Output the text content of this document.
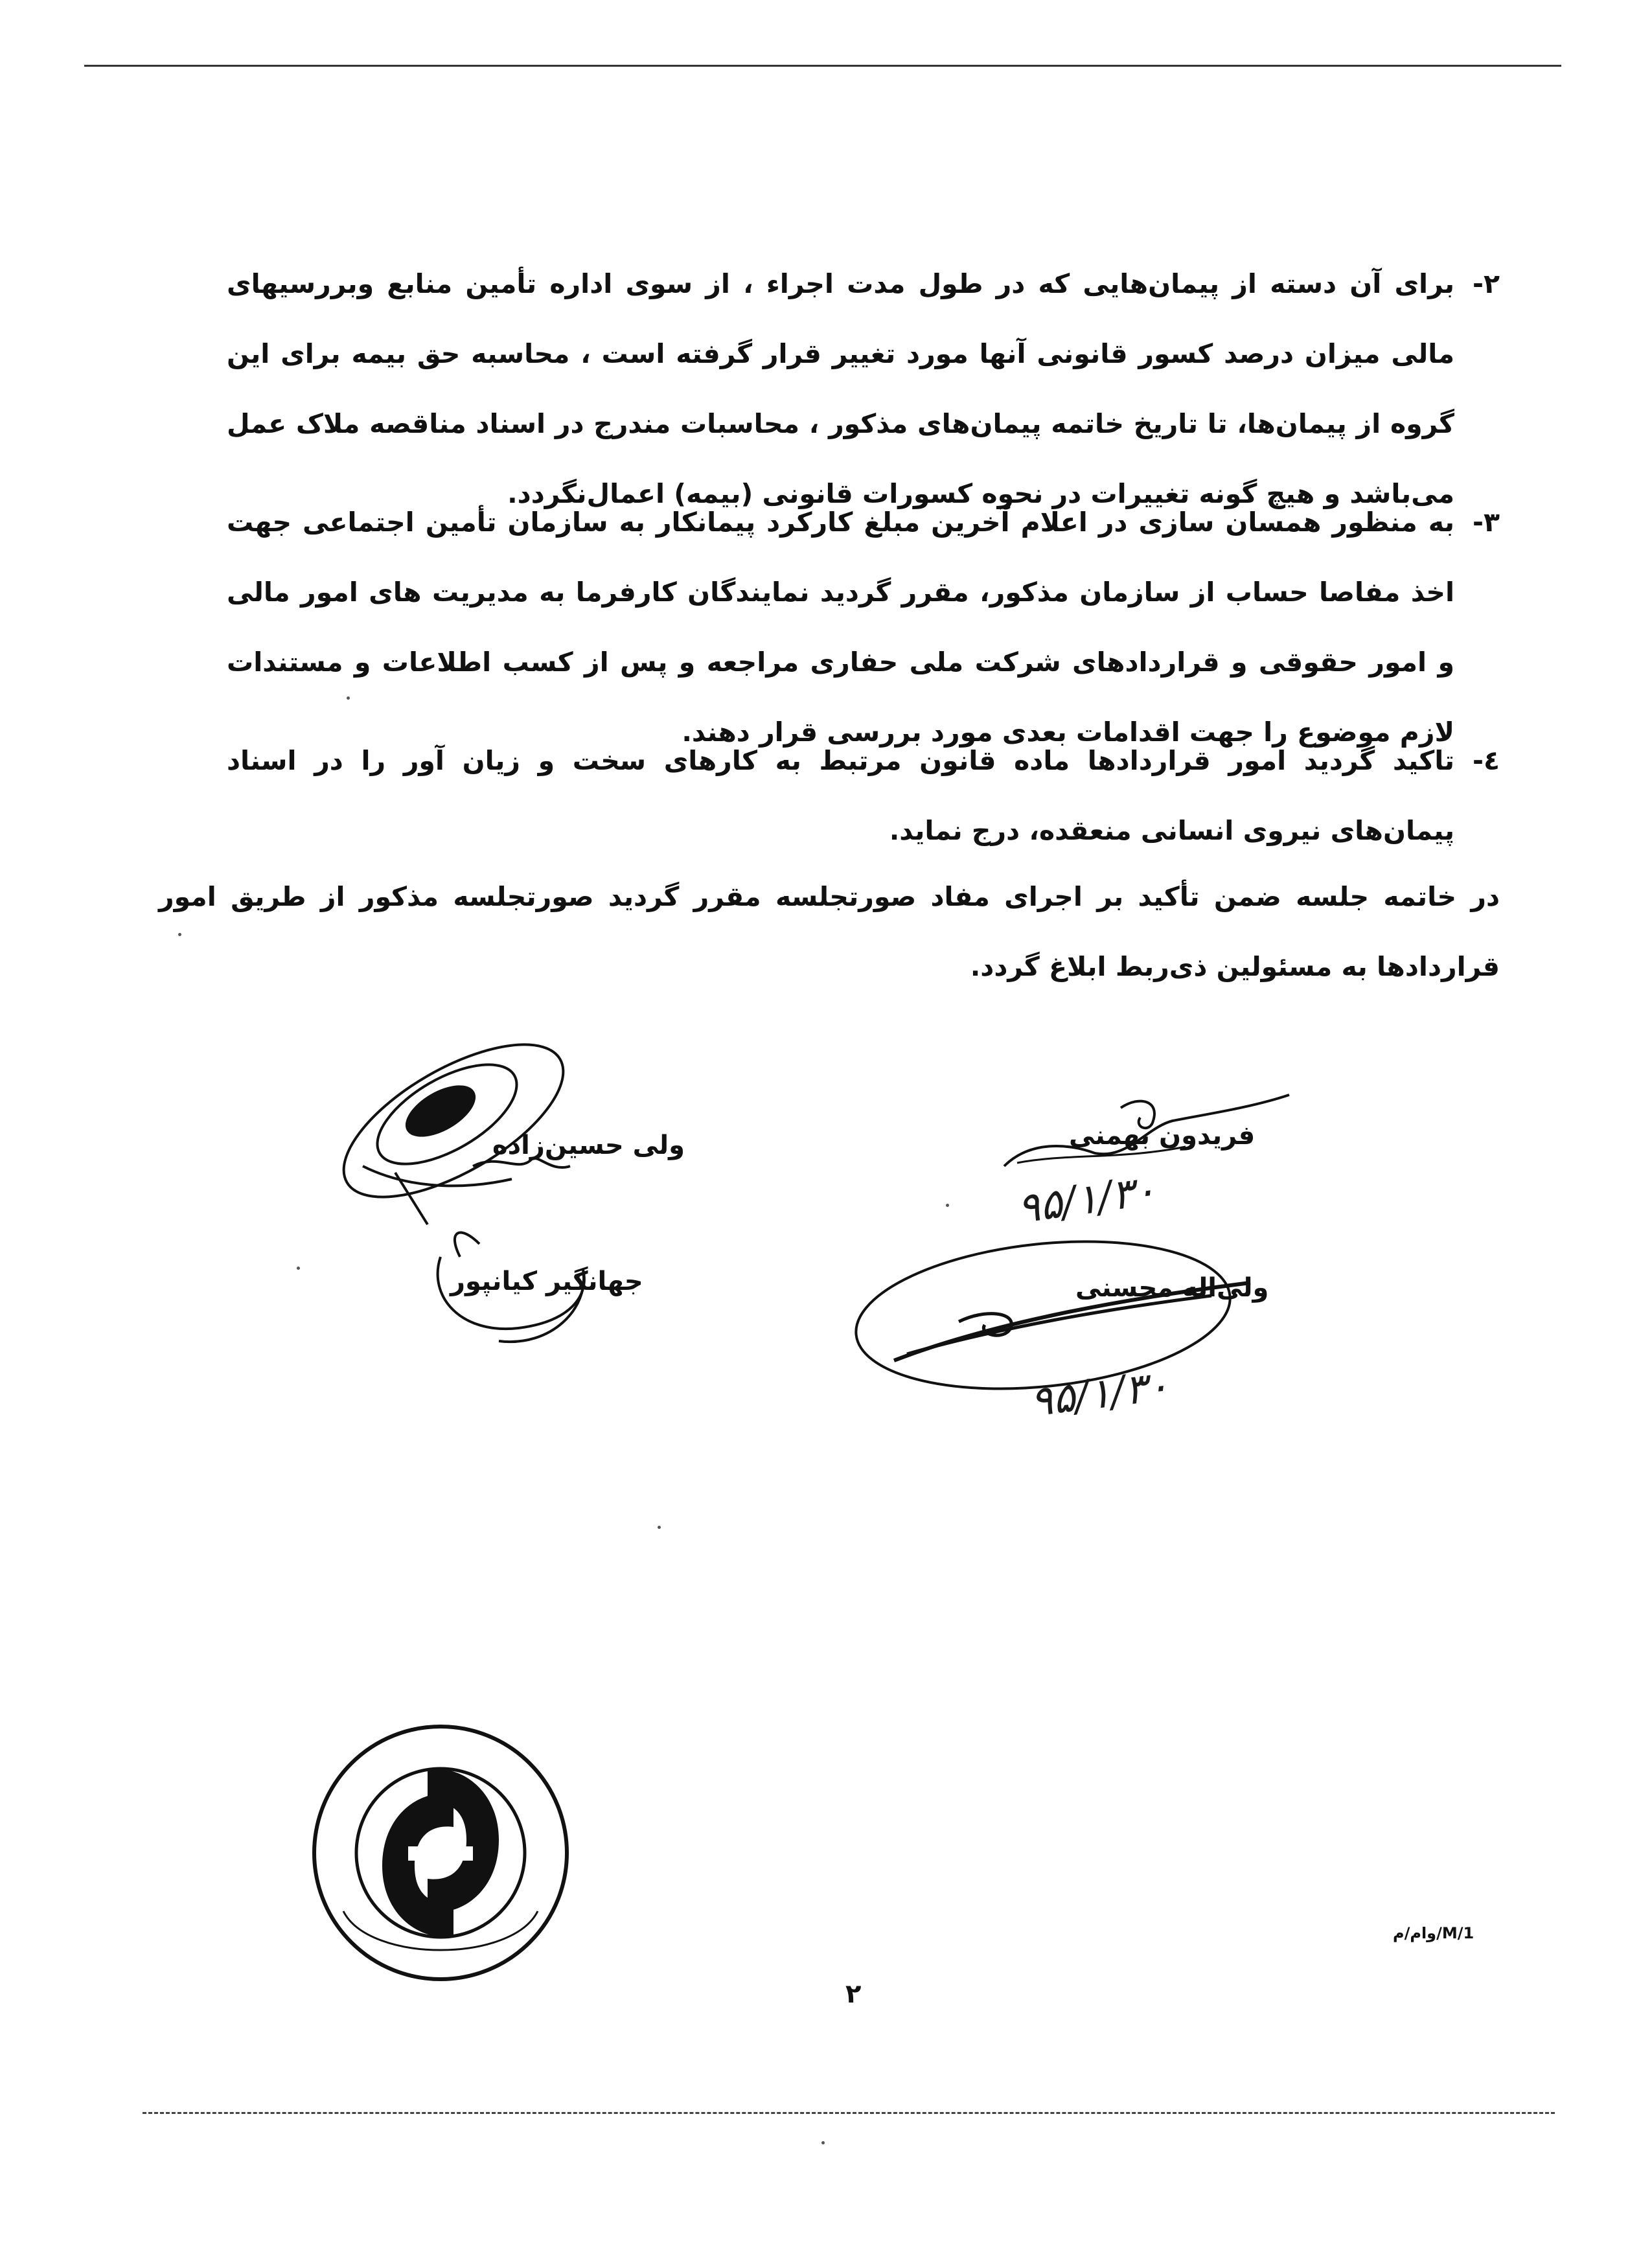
۲-
برای آن دسته از پیمان‌هایی که در طول مدت اجراء ، از سوی اداره تأمین منابع وبررسیهای مالی میزان درصد کسور قانونی آنها مورد تغییر قرار گرفته است ، محاسبه حق بیمه برای این گروه از پیمان‌ها، تا تاریخ خاتمه پیمان‌های مذکور ، محاسبات مندرج در اسناد مناقصه ملاک عمل می‌باشد و هیچ گونه تغییرات در نحوه کسورات قانونی (بیمه) اعمال‌نگردد.
۳-
به منظور همسان سازی در اعلام آخرین مبلغ کارکرد پیمانکار به سازمان تأمین اجتماعی جهت اخذ مفاصا حساب از سازمان مذکور، مقرر گردید نمایندگان کارفرما به مدیریت های امور مالی و امور حقوقی و قراردادهای شرکت ملی حفاری مراجعه و پس از کسب اطلاعات و مستندات لازم موضوع را جهت اقدامات بعدی مورد بررسی قرار دهند.
٤-
تاکید گردید امور قراردادها ماده قانون مرتبط به کارهای سخت و زیان آور را در اسناد پیمان‌های نیروی انسانی منعقده، درج نماید.
در خاتمه جلسه ضمن تأکید بر اجرای مفاد صورتجلسه مقرر گردید صورتجلسه مذکور از طریق امور قراردادها به مسئولین ذی‌ربط ابلاغ گردد.
ولی حسین‌زاده
جهانگیر کیانپور
فریدون بهمنی
۹۵/۱/۳۰
ولی‌اله محسنی
۹۵/۱/۳۰
وام/م/M/1
۲
